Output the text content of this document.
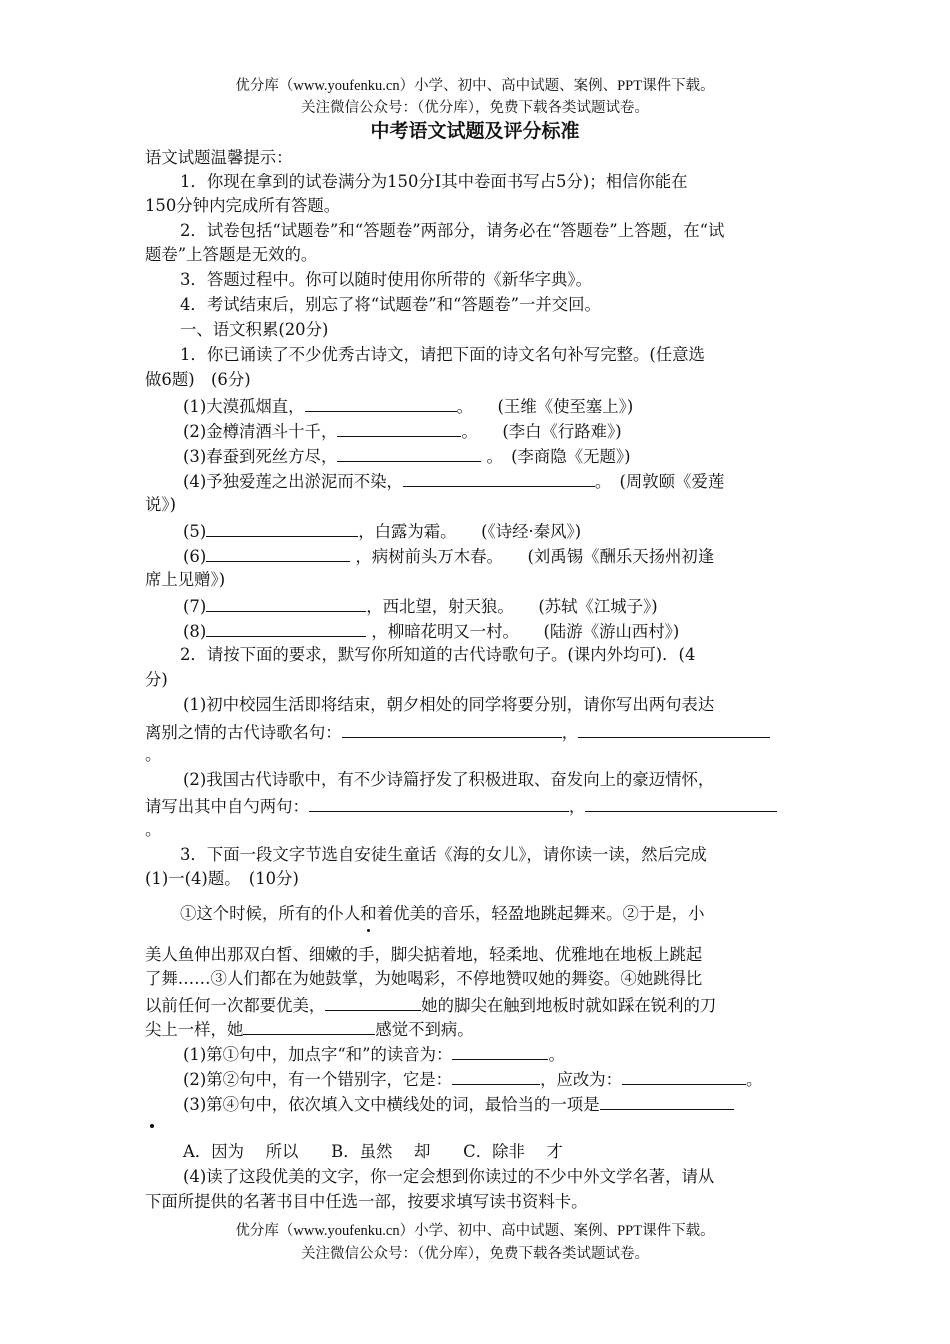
优分库（www.youfenku.cn）小学、初中、高中试题、案例、PPT课件下载。
关注微信公众号：（优分库），免费下载各类试题试卷。
中考语文试题及评分标准
语文试题温馨提示：
1．你现在拿到的试卷满分为150分Ⅰ其中卷面书写占5分)；相信你能在
150分钟内完成所有答题。
2．试卷包括“试题卷”和“答题卷”两部分，请务必在“答题卷”上答题，在“试
题卷”上答题是无效的。
3．答题过程中。你可以随时使用你所带的《新华字典》。
4．考试结束后，别忘了将“试题卷”和“答题卷”一并交回。
一、语文积累(20分)
1．你已诵读了不少优秀古诗文，请把下面的诗文名句补写完整。(任意选
做6题)　(6分)
(1)大漠孤烟直，	。　　(王维《使至塞上》)
(2)金樽清酒斗十千，	。　　(李白《行路难》)
(3)春蚕到死丝方尽，	。　(李商隐《无题》)
(4)予独爱莲之出淤泥而不染，	。　(周敦颐《爱莲
说》)
(5)	，白露为霜。　　(《诗经·秦风》)
(6)	，病树前头万木春。　　(刘禹锡《酬乐天扬州初逢
席上见赠》)
(7)	，西北望，射天狼。　　(苏轼《江城子》)
(8)	，柳暗花明又一村。　　(陆游《游山西村》)
2．请按下面的要求，默写你所知道的古代诗歌句子。(课内外均可)．(4
分)
(1)初中校园生活即将结束，朝夕相处的同学将要分别，请你写出两句表达
离别之情的古代诗歌名句：	，
。
(2)我国古代诗歌中，有不少诗篇抒发了积极进取、奋发向上的豪迈情怀，
请写出其中自勺两句：	，
。
3．下面一段文字节选自安徒生童话《海的女儿》，请你读一读，然后完成
(1)一(4)题。　(10分)
①这个时候，所有的仆人和着优美的音乐，轻盈地跳起舞来。②于是，小
美人鱼伸出那双白皙、细嫩的手，脚尖掂着地，轻柔地、优雅地在地板上跳起
了舞……③人们都在为她鼓掌，为她喝彩，不停地赞叹她的舞姿。④她跳得比
以前任何一次都要优美，	她的脚尖在触到地板时就如踩在锐利的刀
尖上一样，她	感觉不到病。
(1)第①句中，加点字“和”的读音为：	。
(2)第②句中，有一个错别字，它是：	，应改为：	。
(3)第④句中，依次填入文中横线处的词，最恰当的一项是
A．因为　 所以　　B．虽然　 却　　C．除非　 才
(4)读了这段优美的文字，你一定会想到你读过的不少中外文学名著，请从
下面所提供的名著书目中任选一部，按要求填写读书资料卡。
优分库（www.youfenku.cn）小学、初中、高中试题、案例、PPT课件下载。
关注微信公众号：（优分库），免费下载各类试题试卷。
